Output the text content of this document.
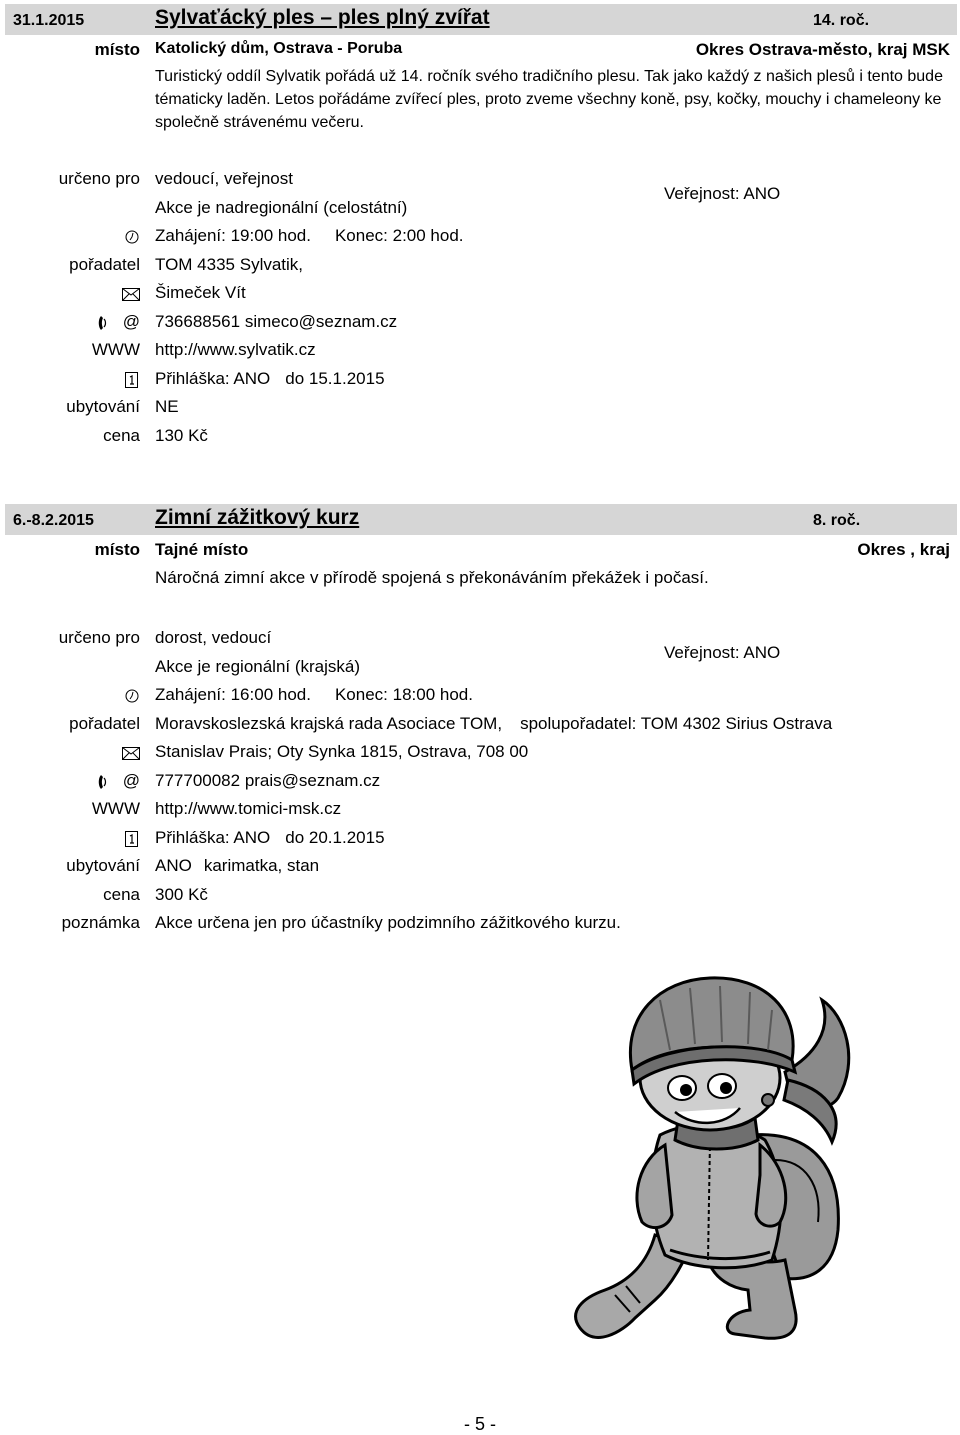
31.1.2015	Sylvaťácký ples – ples plný zvířat	14. roč.
místo Katolický dům, Ostrava - Poruba	Okres Ostrava-město, kraj MSK
Turistický oddíl Sylvatik pořádá už 14. ročník svého tradičního plesu. Tak jako každý z našich plesů i tento bude tématicky laděn. Letos pořádáme zvířecí ples, proto zveme všechny koně, psy, kočky, mouchy i chameleony ke společně strávenému večeru.
určeno pro vedoucí, veřejnost
Veřejnost: ANO
Akce je nadregionální (celostátní)
Zahájení: 19:00 hod. Konec: 2:00 hod.
pořadatel TOM 4335 Sylvatik,
Šimeček Vít
@ 736688561 simeco@seznam.cz
WWW http://www.sylvatik.cz
Přihláška: ANO do 15.1.2015
ubytování NE
cena 130 Kč
6.-8.2.2015	Zimní zážitkový kurz	8. roč.
místo Tajné místo	Okres , kraj
Náročná zimní akce v přírodě spojená s překonáváním překážek i počasí.
určeno pro dorost, vedoucí
Veřejnost: ANO
Akce je regionální (krajská)
Zahájení: 16:00 hod. Konec: 18:00 hod.
pořadatel Moravskoslezská krajská rada Asociace TOM, spolupořadatel: TOM 4302 Sirius Ostrava
Stanislav Prais; Oty Synka 1815, Ostrava, 708 00
@ 777700082 prais@seznam.cz
WWW http://www.tomici-msk.cz
Přihláška: ANO do 20.1.2015
ubytování ANO karimatka, stan
cena 300 Kč
poznámka Akce určena jen pro účastníky podzimního zážitkového kurzu.
- 5 -
